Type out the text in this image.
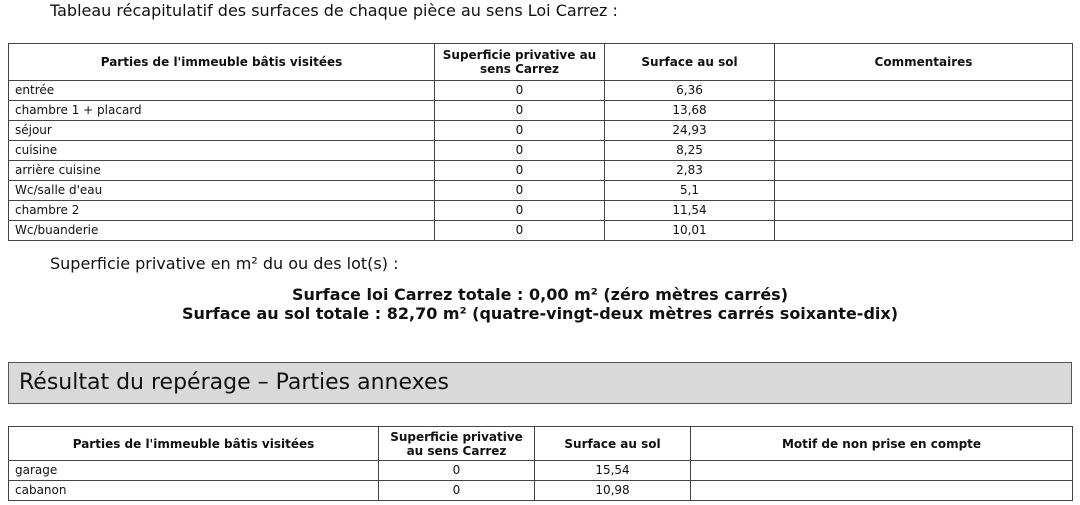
Tableau récapitulatif des surfaces de chaque pièce au sens Loi Carrez :
Parties de l'immeuble bâtis visitées	Superficie privative au sens Carrez	Surface au sol	Commentaires
entrée	0	6,36	
chambre 1 + placard	0	13,68	
séjour	0	24,93	
cuisine	0	8,25	
arrière cuisine	0	2,83	
Wc/salle d'eau	0	5,1	
chambre 2	0	11,54	
Wc/buanderie	0	10,01	
Superficie privative en m² du ou des lot(s) :
Surface loi Carrez totale : 0,00 m² (zéro mètres carrés)
Surface au sol totale : 82,70 m² (quatre-vingt-deux mètres carrés soixante-dix)
Résultat du repérage – Parties annexes
Parties de l'immeuble bâtis visitées	Superficie privative au sens Carrez	Surface au sol	Motif de non prise en compte
garage	0	15,54	
cabanon	0	10,98	
